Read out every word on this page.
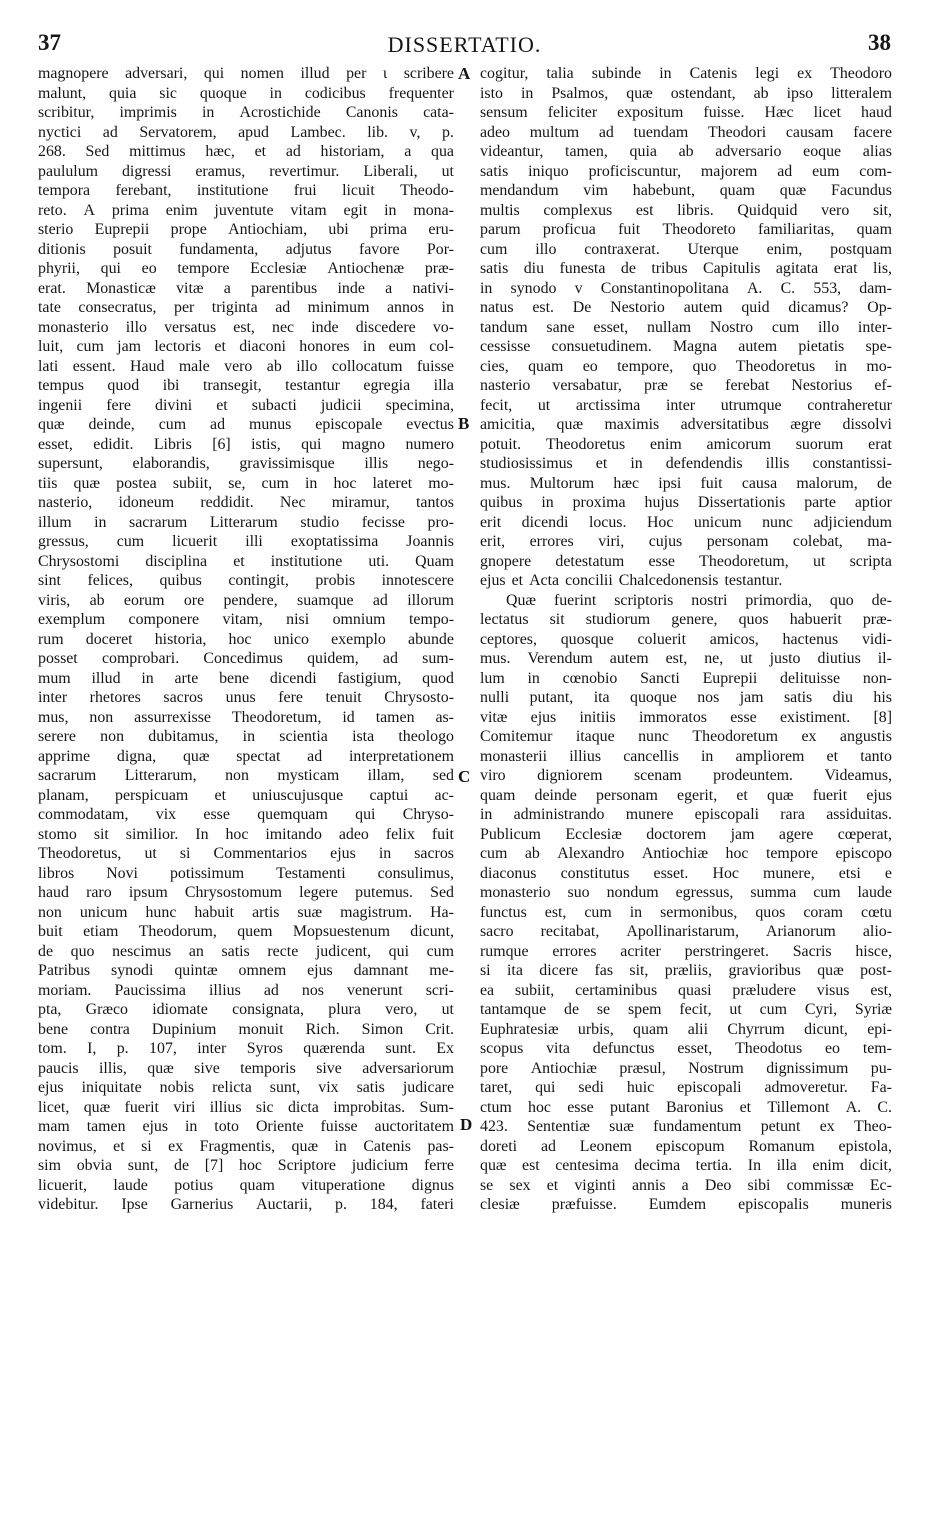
37	DISSERTATIO.	38
magnopere adversari, qui nomen illud per ι scribere
malunt, quia sic quoque in codicibus frequenter
scribitur, imprimis in Acrostichide Canonis cata-
nyctici ad Servatorem, apud Lambec. lib. v, p.
268. Sed mittimus hæc, et ad historiam, a qua
paululum digressi eramus, revertimur. Liberali, ut
tempora ferebant, institutione frui licuit Theodo-
reto. A prima enim juventute vitam egit in mona-
sterio Euprepii prope Antiochiam, ubi prima eru-
ditionis posuit fundamenta, adjutus favore Por-
phyrii, qui eo tempore Ecclesiæ Antiochenæ præ-
erat. Monasticæ vitæ a parentibus inde a nativi-
tate consecratus, per triginta ad minimum annos in
monasterio illo versatus est, nec inde discedere vo-
luit, cum jam lectoris et diaconi honores in eum col-
lati essent. Haud male vero ab illo collocatum fuisse
tempus quod ibi transegit, testantur egregia illa
ingenii fere divini et subacti judicii specimina,
quæ deinde, cum ad munus episcopale evectus
esset, edidit. Libris [6] istis, qui magno numero
supersunt, elaborandis, gravissimisque illis nego-
tiis quæ postea subiit, se, cum in hoc lateret mo-
nasterio, idoneum reddidit. Nec miramur, tantos
illum in sacrarum Litterarum studio fecisse pro-
gressus, cum licuerit illi exoptatissima Joannis
Chrysostomi disciplina et institutione uti. Quam
sint felices, quibus contingit, probis innotescere
viris, ab eorum ore pendere, suamque ad illorum
exemplum componere vitam, nisi omnium tempo-
rum doceret historia, hoc unico exemplo abunde
posset comprobari. Concedimus quidem, ad sum-
mum illud in arte bene dicendi fastigium, quod
inter rhetores sacros unus fere tenuit Chrysosto-
mus, non assurrexisse Theodoretum, id tamen as-
serere non dubitamus, in scientia ista theologo
apprime digna, quæ spectat ad interpretationem
sacrarum Litterarum, non mysticam illam, sed
planam, perspicuam et uniuscujusque captui ac-
commodatam, vix esse quemquam qui Chryso-
stomo sit similior. In hoc imitando adeo felix fuit
Theodoretus, ut si Commentarios ejus in sacros
libros Novi potissimum Testamenti consulimus,
haud raro ipsum Chrysostomum legere putemus. Sed
non unicum hunc habuit artis suæ magistrum. Ha-
buit etiam Theodorum, quem Mopsuestenum dicunt,
de quo nescimus an satis recte judicent, qui cum
Patribus synodi quintæ omnem ejus damnant me-
moriam. Paucissima illius ad nos venerunt scri-
pta, Græco idiomate consignata, plura vero, ut
bene contra Dupinium monuit Rich. Simon Crit.
tom. I, p. 107, inter Syros quærenda sunt. Ex
paucis illis, quæ sive temporis sive adversariorum
ejus iniquitate nobis relicta sunt, vix satis judicare
licet, quæ fuerit viri illius sic dicta improbitas. Sum-
mam tamen ejus in toto Oriente fuisse auctoritatem
novimus, et si ex Fragmentis, quæ in Catenis pas-
sim obvia sunt, de [7] hoc Scriptore judicium ferre
licuerit, laude potius quam vituperatione dignus
videbitur. Ipse Garnerius Auctarii, p. 184, fateri
cogitur, talia subinde in Catenis legi ex Theodoro
isto in Psalmos, quæ ostendant, ab ipso litteralem
sensum feliciter expositum fuisse. Hæc licet haud
adeo multum ad tuendam Theodori causam facere
videantur, tamen, quia ab adversario eoque alias
satis iniquo proficiscuntur, majorem ad eum com-
mendandum vim habebunt, quam quæ Facundus
multis complexus est libris. Quidquid vero sit,
parum proficua fuit Theodoreto familiaritas, quam
cum illo contraxerat. Uterque enim, postquam
satis diu funesta de tribus Capitulis agitata erat lis,
in synodo v Constantinopolitana A. C. 553, dam-
natus est. De Nestorio autem quid dicamus? Op-
tandum sane esset, nullam Nostro cum illo inter-
cessisse consuetudinem. Magna autem pietatis spe-
cies, quam eo tempore, quo Theodoretus in mo-
nasterio versabatur, præ se ferebat Nestorius ef-
fecit, ut arctissima inter utrumque contraheretur
amicitia, quæ maximis adversitatibus ægre dissolvi
potuit. Theodoretus enim amicorum suorum erat
studiosissimus et in defendendis illis constantissi-
mus. Multorum hæc ipsi fuit causa malorum, de
quibus in proxima hujus Dissertationis parte aptior
erit dicendi locus. Hoc unicum nunc adjiciendum
erit, errores viri, cujus personam colebat, ma-
gnopere detestatum esse Theodoretum, ut scripta
ejus et Acta concilii Chalcedonensis testantur.
Quæ fuerint scriptoris nostri primordia, quo de-
lectatus sit studiorum genere, quos habuerit præ-
ceptores, quosque coluerit amicos, hactenus vidi-
mus. Verendum autem est, ne, ut justo diutius il-
lum in cœnobio Sancti Euprepii delituisse non-
nulli putant, ita quoque nos jam satis diu his
vitæ ejus initiis immoratos esse existiment. [8]
Comitemur itaque nunc Theodoretum ex angustis
monasterii illius cancellis in ampliorem et tanto
viro digniorem scenam prodeuntem. Videamus,
quam deinde personam egerit, et quæ fuerit ejus
in administrando munere episcopali rara assiduitas.
Publicum Ecclesiæ doctorem jam agere cœperat,
cum ab Alexandro Antiochiæ hoc tempore episcopo
diaconus constitutus esset. Hoc munere, etsi e
monasterio suo nondum egressus, summa cum laude
functus est, cum in sermonibus, quos coram cœtu
sacro recitabat, Apollinaristarum, Arianorum alio-
rumque errores acriter perstringeret. Sacris hisce,
si ita dicere fas sit, præliis, gravioribus quæ post-
ea subiit, certaminibus quasi præludere visus est,
tantamque de se spem fecit, ut cum Cyri, Syriæ
Euphratesiæ urbis, quam alii Chyrrum dicunt, epi-
scopus vita defunctus esset, Theodotus eo tem-
pore Antiochiæ præsul, Nostrum dignissimum pu-
taret, qui sedi huic episcopali admoveretur. Fa-
ctum hoc esse putant Baronius et Tillemont A. C.
423. Sententiæ suæ fundamentum petunt ex Theo-
doreti ad Leonem episcopum Romanum epistola,
quæ est centesima decima tertia. In illa enim dicit,
se sex et viginti annis a Deo sibi commissæ Ec-
clesiæ præfuisse. Eumdem episcopalis muneris
A
B
C
D
